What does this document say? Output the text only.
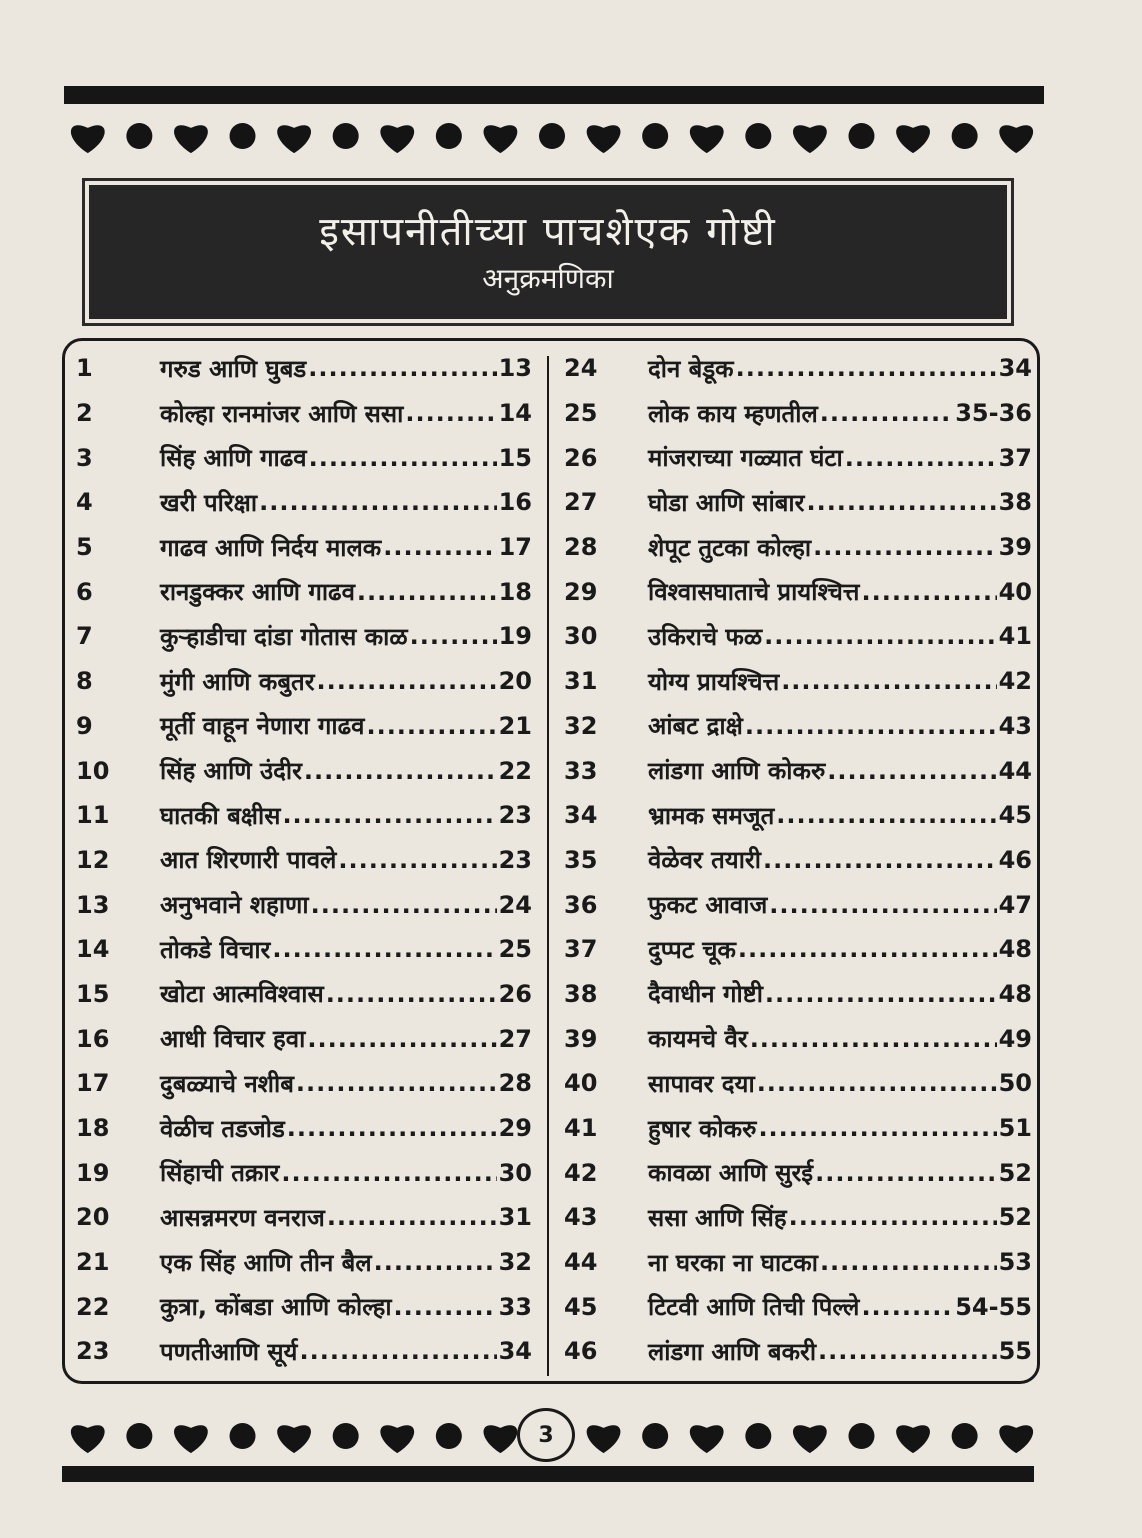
इसापनीतीच्या पाचशेएक गोष्टी
अनुक्रमणिका
1	गरुड आणि घुबड .....	13
2	कोल्हा रानमांजर आणि ससा .....	14
3	सिंह आणि गाढव .....	15
4	खरी परिक्षा .....	16
5	गाढव आणि निर्दय मालक .....	17
6	रानडुक्कर आणि गाढव .....	18
7	कुऱ्हाडीचा दांडा गोतास काळ .....	19
8	मुंगी आणि कबुतर .....	20
9	मूर्ती वाहून नेणारा गाढव .....	21
10	सिंह आणि उंदीर .....	22
11	घातकी बक्षीस .....	23
12	आत शिरणारी पावले .....	23
13	अनुभवाने शहाणा .....	24
14	तोकडे विचार .....	25
15	खोटा आत्मविश्वास .....	26
16	आधी विचार हवा .....	27
17	दुबळ्याचे नशीब .....	28
18	वेळीच तडजोड .....	29
19	सिंहाची तक्रार .....	30
20	आसन्नमरण वनराज .....	31
21	एक सिंह आणि तीन बैल .....	32
22	कुत्रा, कोंबडा आणि कोल्हा .....	33
23	पणतीआणि सूर्य .....	34
24	दोन बेडूक .....	34
25	लोक काय म्हणतील .....	35-36
26	मांजराच्या गळ्यात घंटा .....	37
27	घोडा आणि सांबार .....	38
28	शेपूट तुटका कोल्हा .....	39
29	विश्वासघाताचे प्रायश्चित्त .....	40
30	उकिराचे फळ .....	41
31	योग्य प्रायश्चित्त .....	42
32	आंबट द्राक्षे .....	43
33	लांडगा आणि कोकरु .....	44
34	भ्रामक समजूत .....	45
35	वेळेवर तयारी .....	46
36	फुकट आवाज .....	47
37	दुप्पट चूक .....	48
38	दैवाधीन गोष्टी .....	48
39	कायमचे वैर .....	49
40	सापावर दया .....	50
41	हुषार कोकरु .....	51
42	कावळा आणि सुरई .....	52
43	ससा आणि सिंह .....	52
44	ना घरका ना घाटका .....	53
45	टिटवी आणि तिची पिल्ले .....	54-55
46	लांडगा आणि बकरी .....	55
3
